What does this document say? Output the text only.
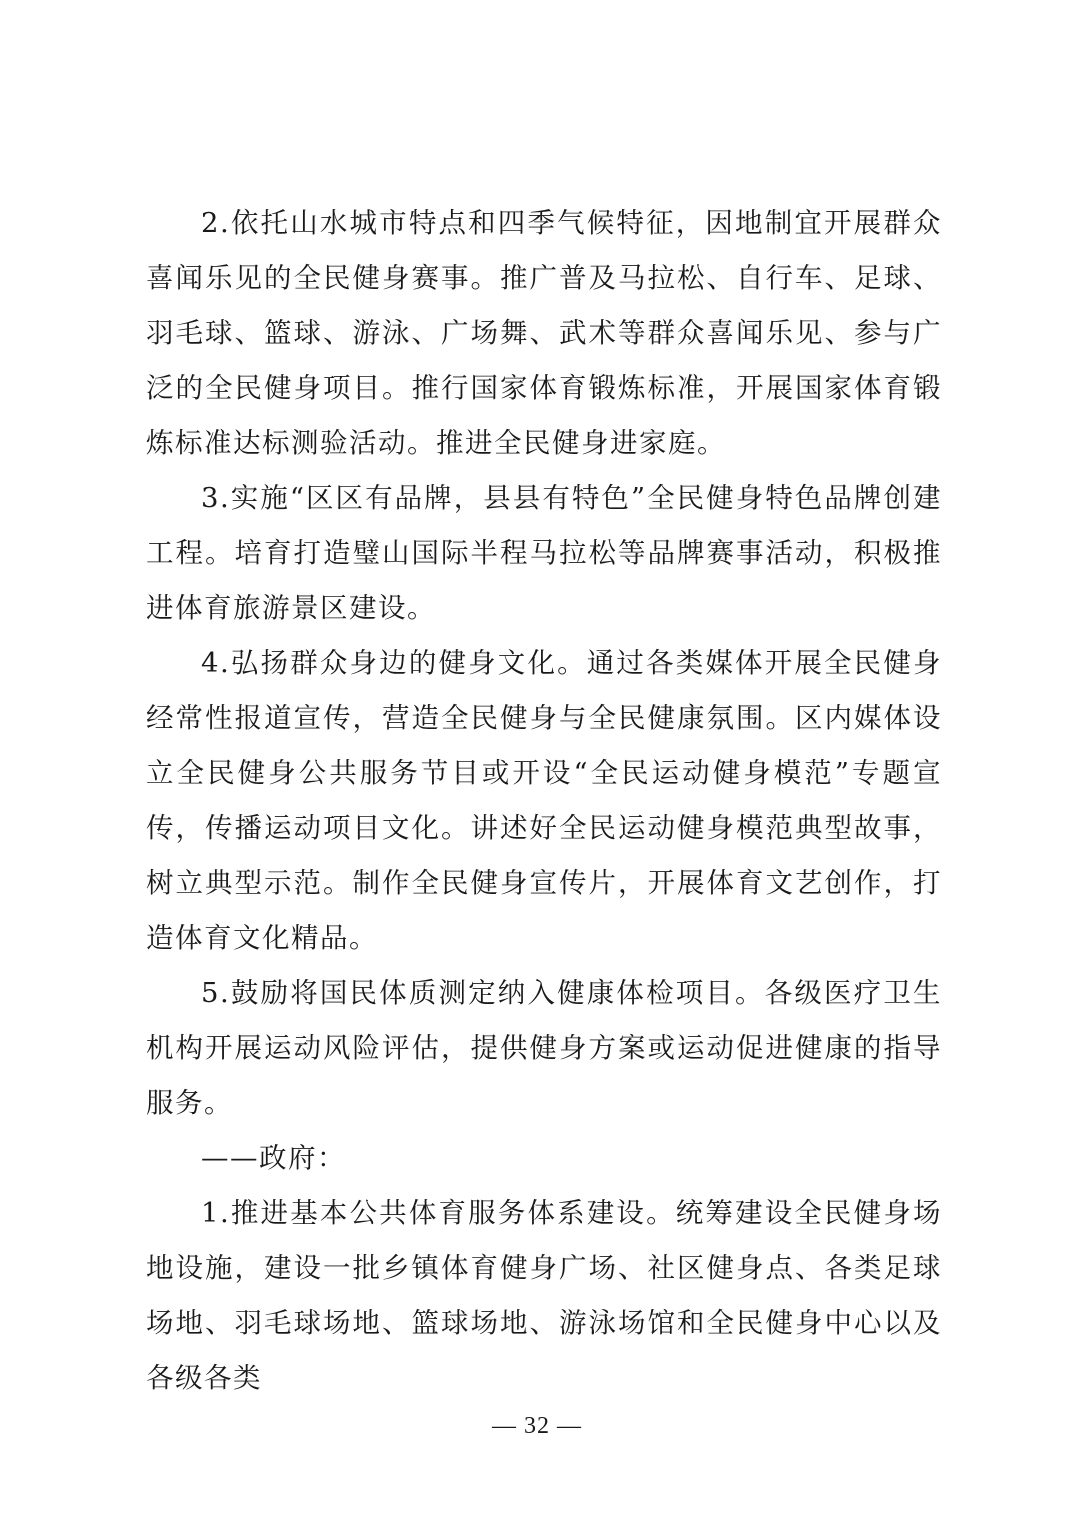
2.依托山水城市特点和四季气候特征，因地制宜开展群众喜闻乐见的全民健身赛事。推广普及马拉松、自行车、足球、羽毛球、篮球、游泳、广场舞、武术等群众喜闻乐见、参与广泛的全民健身项目。推行国家体育锻炼标准，开展国家体育锻炼标准达标测验活动。推进全民健身进家庭。

3.实施“区区有品牌，县县有特色”全民健身特色品牌创建工程。培育打造璧山国际半程马拉松等品牌赛事活动，积极推进体育旅游景区建设。

4.弘扬群众身边的健身文化。通过各类媒体开展全民健身经常性报道宣传，营造全民健身与全民健康氛围。区内媒体设立全民健身公共服务节目或开设“全民运动健身模范”专题宣传，传播运动项目文化。讲述好全民运动健身模范典型故事，树立典型示范。制作全民健身宣传片，开展体育文艺创作，打造体育文化精品。

5.鼓励将国民体质测定纳入健康体检项目。各级医疗卫生机构开展运动风险评估，提供健身方案或运动促进健康的指导服务。

——政府：

1.推进基本公共体育服务体系建设。统筹建设全民健身场地设施，建设一批乡镇体育健身广场、社区健身点、各类足球场地、羽毛球场地、篮球场地、游泳场馆和全民健身中心以及各级各类

— 32 —
